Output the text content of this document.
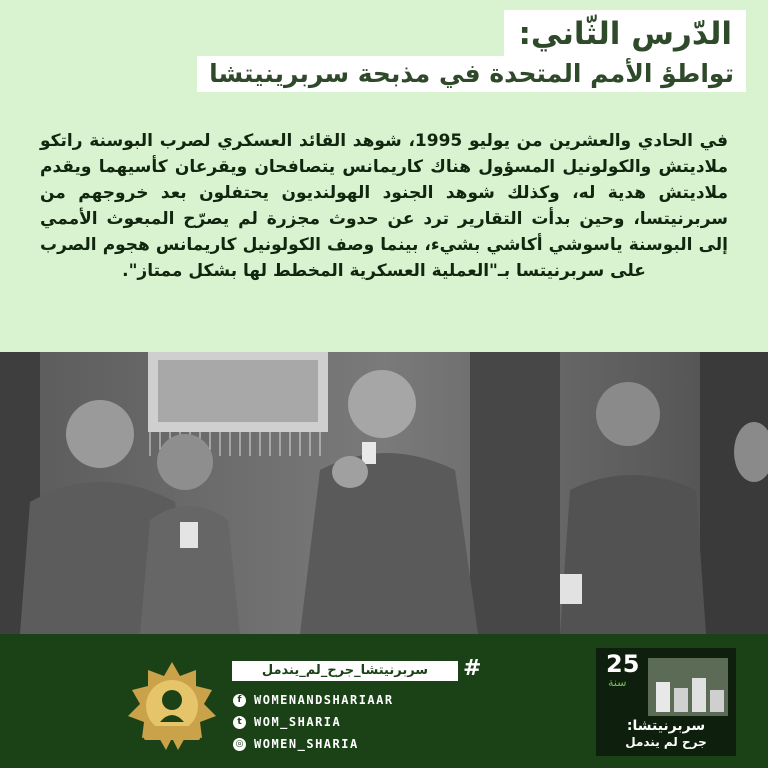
الدّرس الثّاني:
تواطؤ الأمم المتحدة في مذبحة سربرينيتشا
في الحادي والعشرين من يوليو 1995، شوهد القائد العسكري لصرب البوسنة راتكو ملاديتش والكولونيل المسؤول هناك كاريمانس يتصافحان ويقرعان كأسيهما ويقدم ملاديتش هدية له، وكذلك شوهد الجنود الهولنديون يحتفلون بعد خروجهم من سربرنيتسا، وحين بدأت التقارير ترد عن حدوث مجزرة لم يصرّح المبعوث الأممي إلى البوسنة ياسوشي أكاشي بشيء، بينما وصف الكولونيل كاريمانس هجوم الصرب على سربرنيتسا بـ"العملية العسكرية المخطط لها بشكل ممتاز".
#
سربرنيتشا_جرح_لم_يندمل
f	WOMENANDSHARIAAR
t	WOM_SHARIA
◎ WOMEN_SHARIA
25
سنة
سربرنيتشا:
جرح لم يندمل
